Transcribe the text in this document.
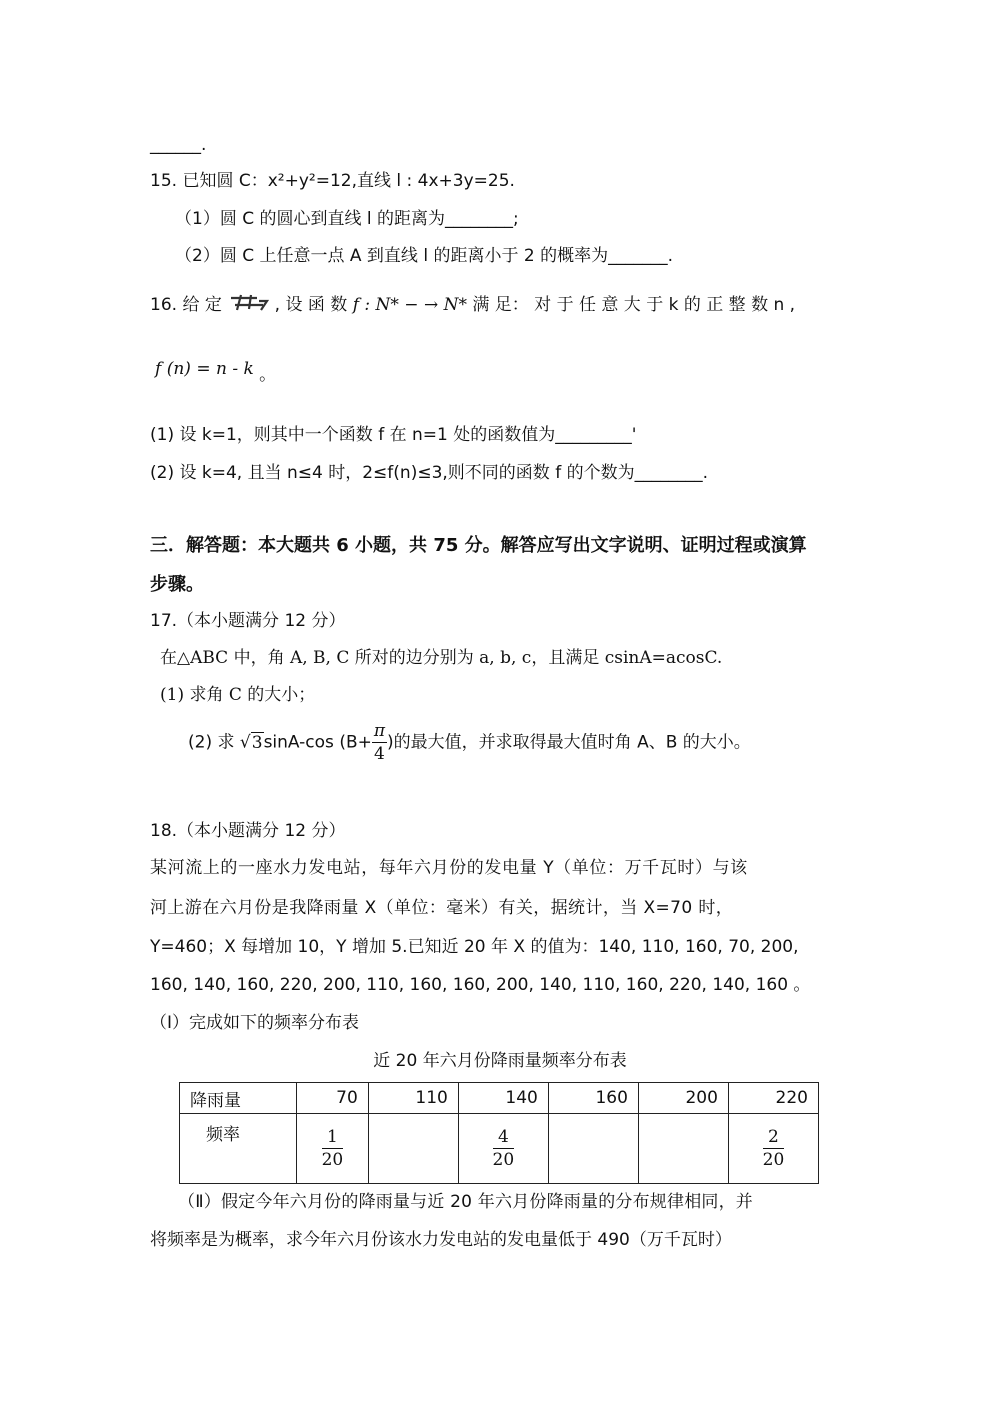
______.
15. 已知圆 C：x²+y²=12,直线 l : 4x+3y=25.
（1）圆 C 的圆心到直线 l 的距离为________;
（2）圆 C 上任意一点 A 到直线 l 的距离小于 2 的概率为_______.
16. 给 定	, 设 函 数 f : N* − → N* 满 足： 对 于 任 意 大 于 k 的 正 整 数 n ,
f (n) = n - k 。
(1) 设 k=1，则其中一个函数 f 在 n=1 处的函数值为_________'
(2) 设 k=4, 且当 n≤4 时，2≤f(n)≤3,则不同的函数 f 的个数为________.
三．解答题：本大题共 6 小题，共 75 分。解答应写出文字说明、证明过程或演算
步骤。
17.（本小题满分 12 分）
在△ABC 中，角 A, B, C 所对的边分别为 a, b, c，且满足 csinA=acosC.
(1) 求角 C 的大小；
(2) 求 √3sinA-cos ($B+ \frac{\pi}{4}$ )的最大值，并求取得最大值时角 A、B 的大小。
18.（本小题满分 12 分）
某河流上的一座水力发电站，每年六月份的发电量 Y（单位：万千瓦时）与该
河上游在六月份是我降雨量 X（单位：毫米）有关，据统计，当 X=70 时，
Y=460；X 每增加 10，Y 增加 5.已知近 20 年 X 的值为：140, 110, 160, 70, 200,
160, 140, 160, 220, 200, 110, 160, 160, 200, 140, 110, 160, 220, 140, 160 。
（Ⅰ）完成如下的频率分布表
近 20 年六月份降雨量频率分布表
降雨量	70	110	140	160	200	220
频率	$\frac{1}{20}$		$\frac{4}{20}$			$\frac{2}{20}$
（Ⅱ）假定今年六月份的降雨量与近 20 年六月份降雨量的分布规律相同，并
将频率是为概率，求今年六月份该水力发电站的发电量低于 490（万千瓦时）
